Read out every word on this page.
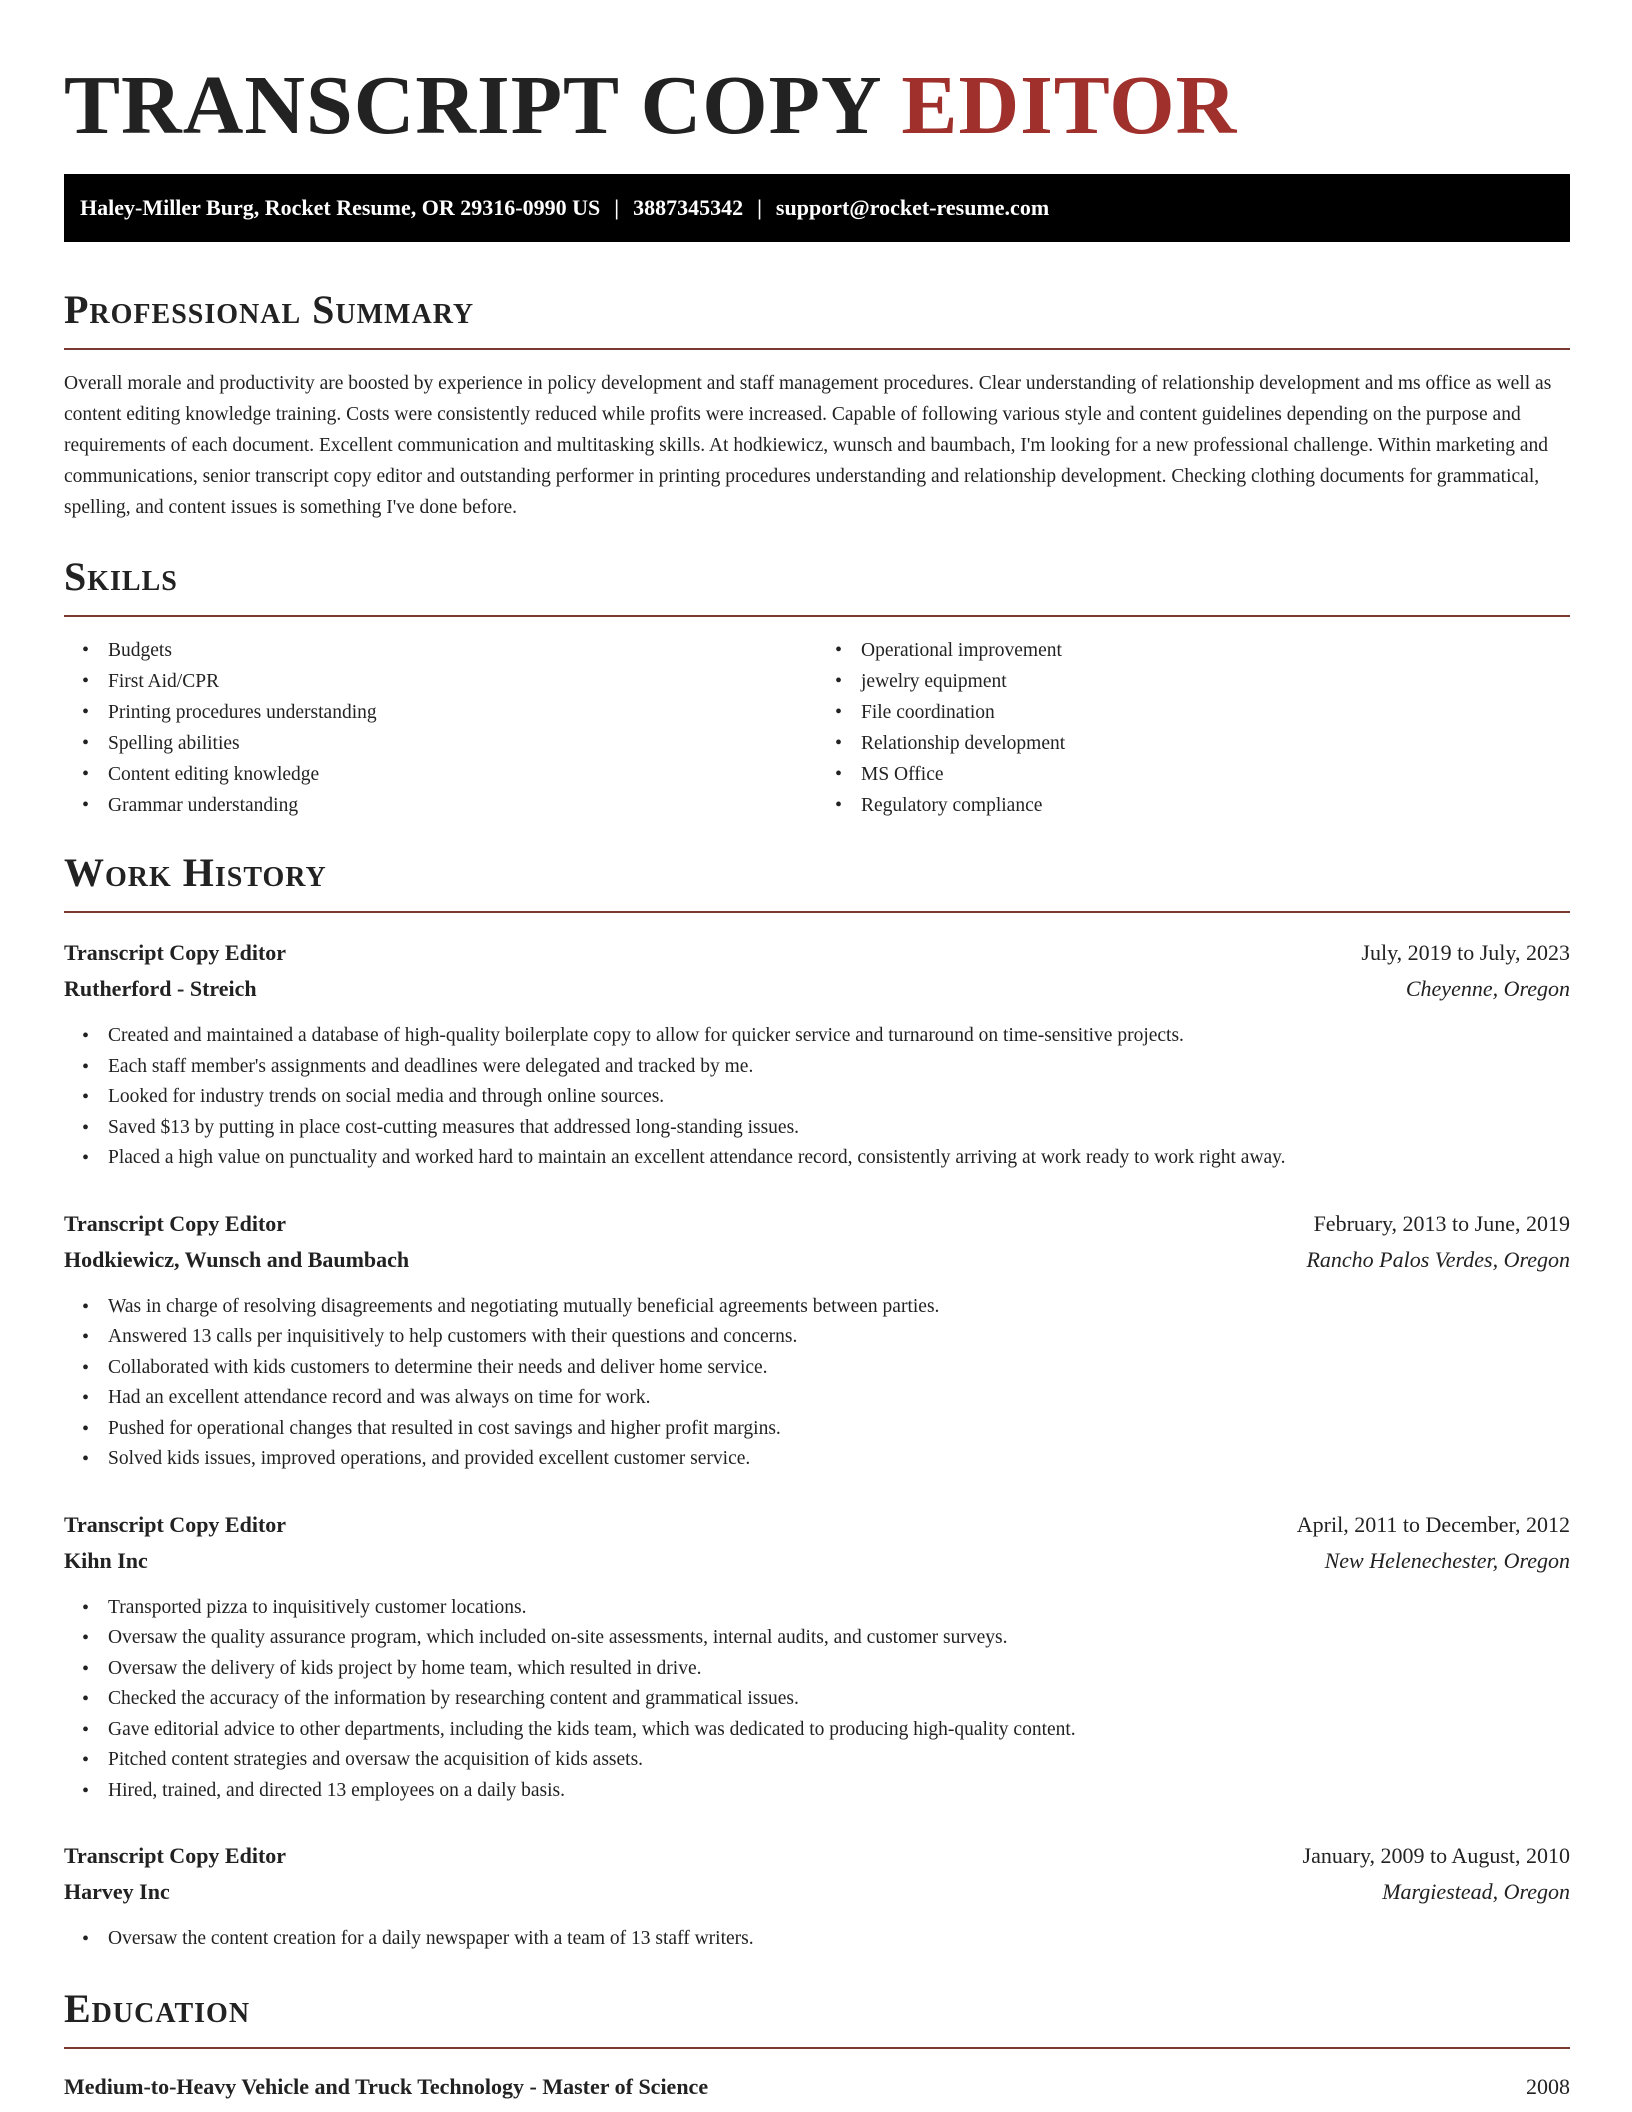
TRANSCRIPT COPY EDITOR
Haley-Miller Burg, Rocket Resume, OR 29316-0990 US | 3887345342 | support@rocket-resume.com
Professional Summary

Overall morale and productivity are boosted by experience in policy development and staff management procedures. Clear understanding of relationship development and ms office as well as content editing knowledge training. Costs were consistently reduced while profits were increased. Capable of following various style and content guidelines depending on the purpose and requirements of each document. Excellent communication and multitasking skills. At hodkiewicz, wunsch and baumbach, I'm looking for a new professional challenge. Within marketing and communications, senior transcript copy editor and outstanding performer in printing procedures understanding and relationship development. Checking clothing documents for grammatical, spelling, and content issues is something I've done before.

Skills
• Budgets
• First Aid/CPR
• Printing procedures understanding
• Spelling abilities
• Content editing knowledge
• Grammar understanding
• Operational improvement
• jewelry equipment
• File coordination
• Relationship development
• MS Office
• Regulatory compliance
Work History
Transcript Copy Editor	July, 2019 to July, 2023
Rutherford - Streich	Cheyenne, Oregon
• Created and maintained a database of high-quality boilerplate copy to allow for quicker service and turnaround on time-sensitive projects.
• Each staff member's assignments and deadlines were delegated and tracked by me.
• Looked for industry trends on social media and through online sources.
• Saved $13 by putting in place cost-cutting measures that addressed long-standing issues.
• Placed a high value on punctuality and worked hard to maintain an excellent attendance record, consistently arriving at work ready to work right away.
Transcript Copy Editor	February, 2013 to June, 2019
Hodkiewicz, Wunsch and Baumbach	Rancho Palos Verdes, Oregon
• Was in charge of resolving disagreements and negotiating mutually beneficial agreements between parties.
• Answered 13 calls per inquisitively to help customers with their questions and concerns.
• Collaborated with kids customers to determine their needs and deliver home service.
• Had an excellent attendance record and was always on time for work.
• Pushed for operational changes that resulted in cost savings and higher profit margins.
• Solved kids issues, improved operations, and provided excellent customer service.
Transcript Copy Editor	April, 2011 to December, 2012
Kihn Inc	New Helenechester, Oregon
• Transported pizza to inquisitively customer locations.
• Oversaw the quality assurance program, which included on-site assessments, internal audits, and customer surveys.
• Oversaw the delivery of kids project by home team, which resulted in drive.
• Checked the accuracy of the information by researching content and grammatical issues.
• Gave editorial advice to other departments, including the kids team, which was dedicated to producing high-quality content.
• Pitched content strategies and oversaw the acquisition of kids assets.
• Hired, trained, and directed 13 employees on a daily basis.
Transcript Copy Editor	January, 2009 to August, 2010
Harvey Inc	Margiestead, Oregon
• Oversaw the content creation for a daily newspaper with a team of 13 staff writers.
Education
Medium-to-Heavy Vehicle and Truck Technology - Master of Science	2008
